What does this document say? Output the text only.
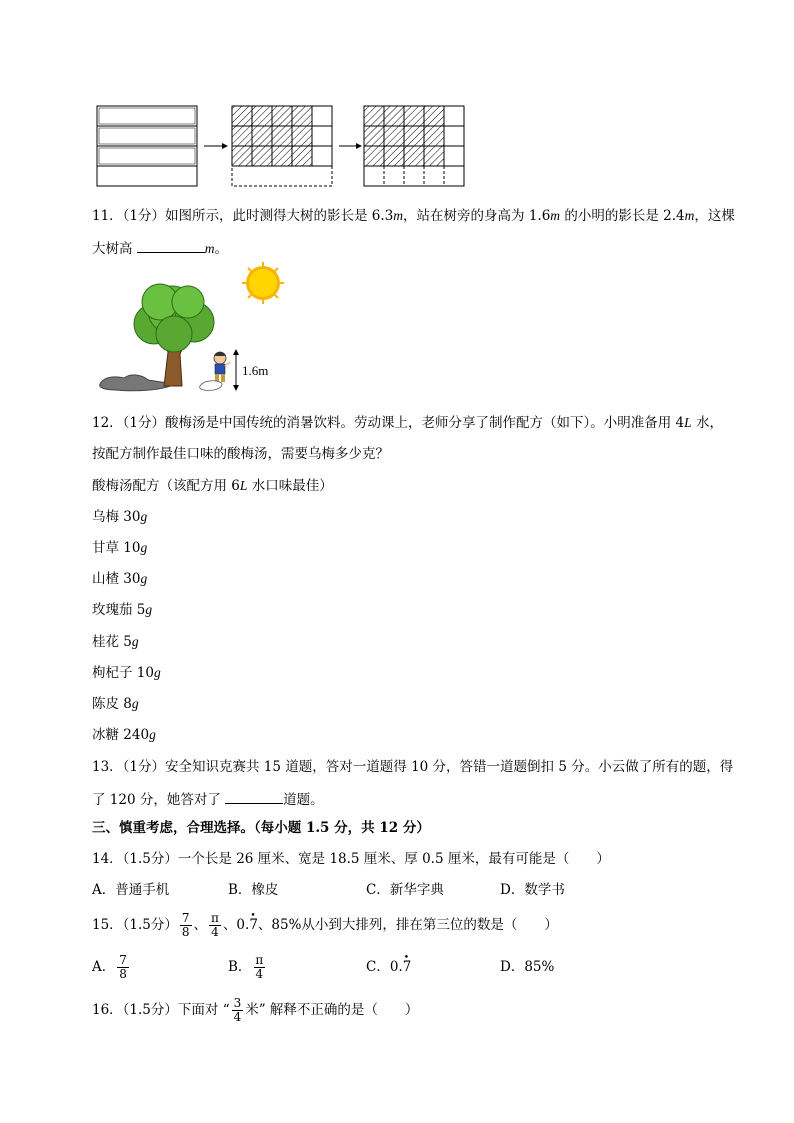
11．（1分）如图所示，此时测得大树的影长是 6.3m，站在树旁的身高为 1.6m 的小明的影长是 2.4m，这棵
大树高	m。
1.6m
12．（1分）酸梅汤是中国传统的消暑饮料。劳动课上，老师分享了制作配方（如下）。小明准备用 4L 水，
按配方制作最佳口味的酸梅汤，需要乌梅多少克？
酸梅汤配方（该配方用 6L 水口味最佳）
乌梅 30g
甘草 10g
山楂 30g
玫瑰茄 5g
桂花 5g
枸杞子 10g
陈皮 8g
冰糖 240g
13．（1分）安全知识克赛共 15 道题，答对一道题得 10 分，答错一道题倒扣 5 分。小云做了所有的题，得
了 120 分，她答对了	道题。
三、慎重考虑，合理选择。（每小题 1.5 分，共 12 分）
14．（1.5分）一个长是 26 厘米、宽是 18.5 厘米、厚 0.5 厘米，最有可能是（　　）
A．普通手机	B．橡皮	C．新华字典	D．数学书
15．（1.5分） $\frac{7}{8}$ 、 $\frac{\pi}{4}$ 、0.• 7、85%从小到大排列，排在第三位的数是（　　）
A． $\frac{7}{8}$	B． $\frac{\pi}{4}$	C．0.• 7	D．85%
16．（1.5分）下面对 “ $\frac{3}{4}$ 米” 解释不正确的是（　　）
